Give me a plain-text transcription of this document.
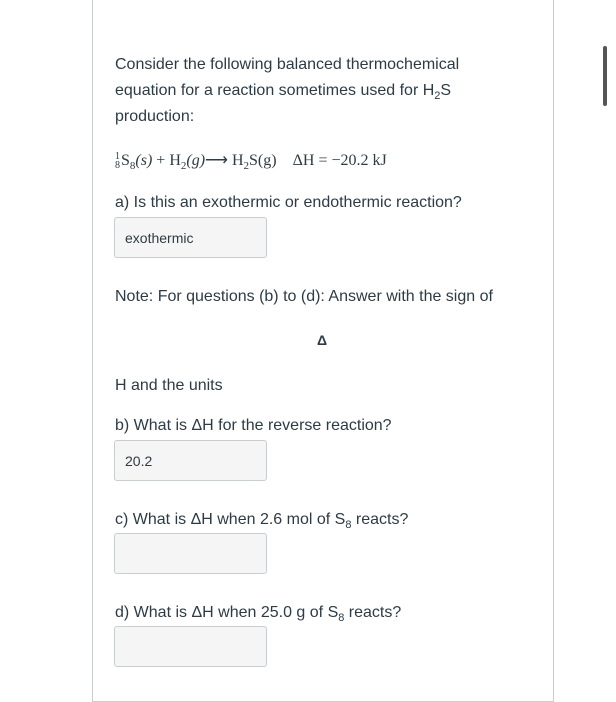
Consider the following balanced thermochemical
equation for a reaction sometimes used for $H_2S$
production:
1
8 $S_8(s)$ + $H_2(g)⟶$ $H_2S(g) \Delta H = -20.2$ kJ
a) Is this an exothermic or endothermic reaction?
exothermic
Note: For questions (b) to (d): Answer with the sign of
Δ
H and the units
b) What is ΔH for the reverse reaction?
20.2
c) What is ΔH when 2.6 mol of $S_8$ reacts?
d) What is ΔH when 25.0 g of $S_8$ reacts?
